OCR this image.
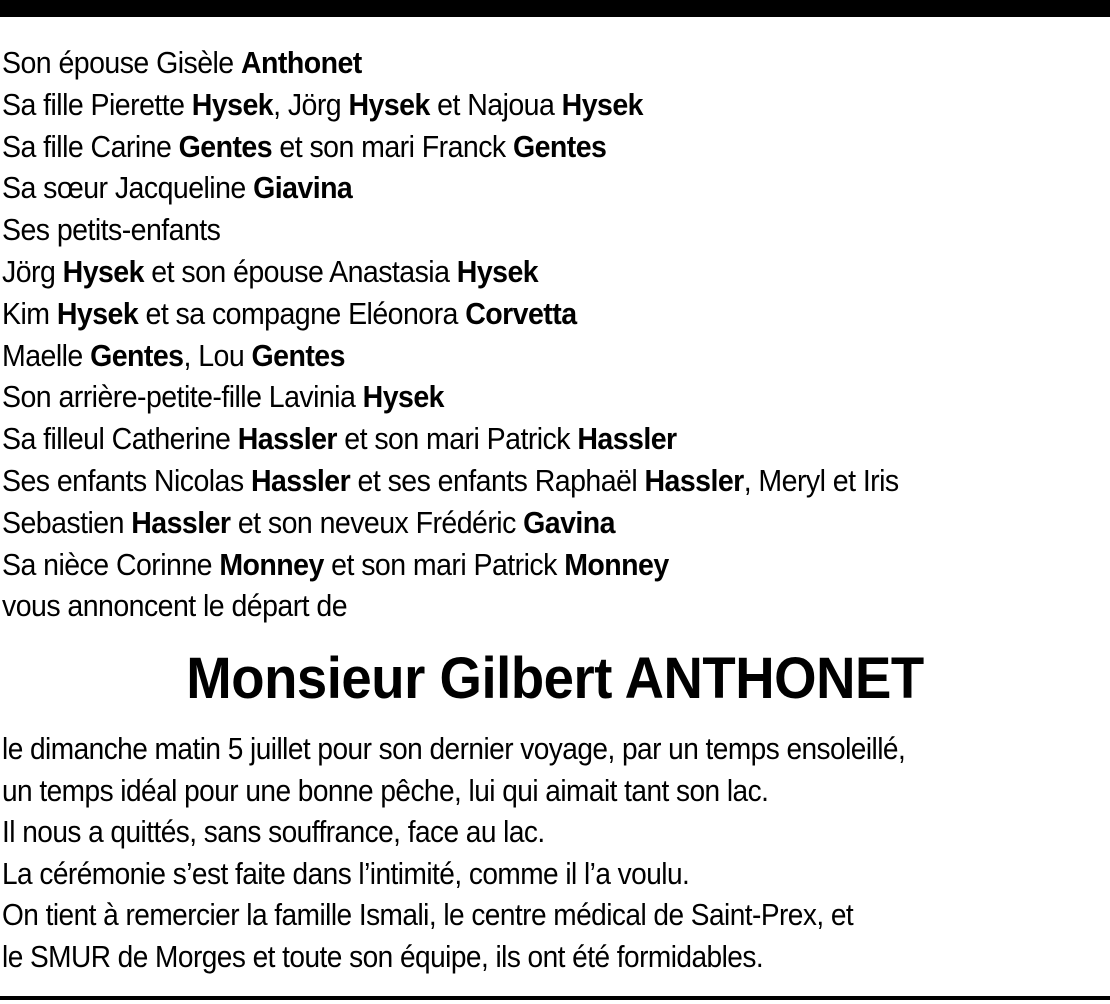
Son épouse Gisèle Anthonet
Sa fille Pierette Hysek, Jörg Hysek et Najoua Hysek
Sa fille Carine Gentes et son mari Franck Gentes
Sa sœur Jacqueline Giavina
Ses petits-enfants
Jörg Hysek et son épouse Anastasia Hysek
Kim Hysek et sa compagne Eléonora Corvetta
Maelle Gentes, Lou Gentes
Son arrière-petite-fille Lavinia Hysek
Sa filleul Catherine Hassler et son mari Patrick Hassler
Ses enfants Nicolas Hassler et ses enfants Raphaël Hassler, Meryl et Iris
Sebastien Hassler et son neveux Frédéric Gavina
Sa nièce Corinne Monney et son mari Patrick Monney
vous annoncent le départ de
Monsieur Gilbert ANTHONET
le dimanche matin 5 juillet pour son dernier voyage, par un temps ensoleillé,
un temps idéal pour une bonne pêche, lui qui aimait tant son lac.
Il nous a quittés, sans souffrance, face au lac.
La cérémonie s’est faite dans l’intimité, comme il l’a voulu.
On tient à remercier la famille Ismali, le centre médical de Saint-Prex, et
le SMUR de Morges et toute son équipe, ils ont été formidables.
